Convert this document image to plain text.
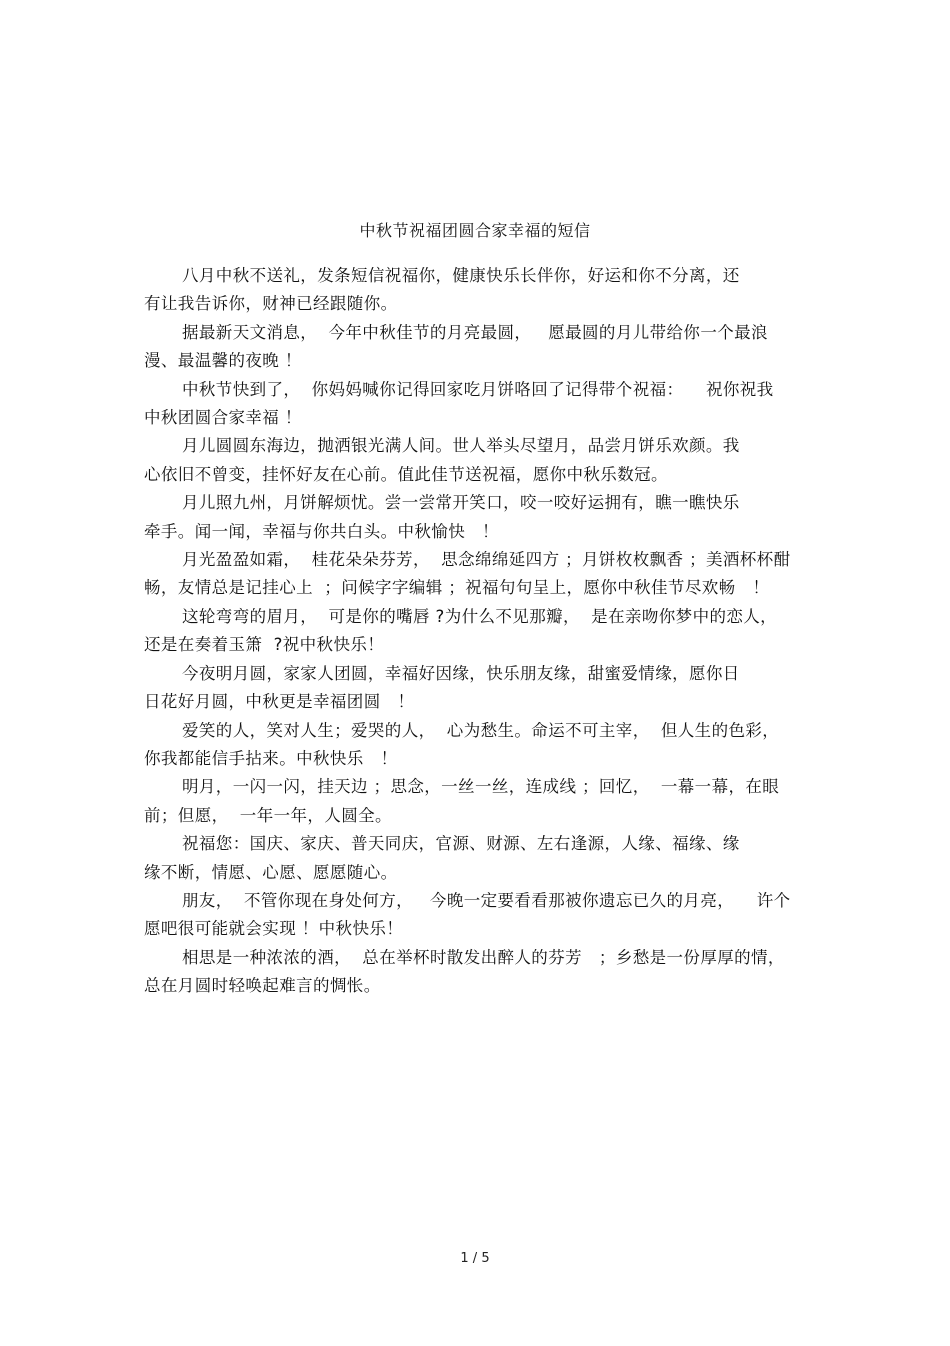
中秋节祝福团圆合家幸福的短信

八月中秋不送礼，发条短信祝福你，健康快乐长伴你，好运和你不分离，还
有让我告诉你，财神已经跟随你。

据最新天文消息，  今年中秋佳节的月亮最圆，   愿最圆的月儿带给你一个最浪
漫、最温馨的夜晚 ！

中秋节快到了，  你妈妈喊你记得回家吃月饼咯回了记得带个祝福：    祝你祝我
中秋团圆合家幸福 ！

月儿圆圆东海边，抛洒银光满人间。世人举头尽望月，品尝月饼乐欢颜。我
心依旧不曾变，挂怀好友在心前。值此佳节送祝福，愿你中秋乐数冠。

月儿照九州，月饼解烦忧。尝一尝常开笑口，咬一咬好运拥有，瞧一瞧快乐
牵手。闻一闻，幸福与你共白头。中秋愉快   ！

月光盈盈如霜，  桂花朵朵芬芳，  思念绵绵延四方 ；月饼枚枚飘香 ；美酒杯杯酣
畅，友情总是记挂心上  ；问候字字编辑 ；祝福句句呈上，愿你中秋佳节尽欢畅   ！

这轮弯弯的眉月，  可是你的嘴唇 ?为什么不见那瓣，  是在亲吻你梦中的恋人，
还是在奏着玉箫  ?祝中秋快乐！

今夜明月圆，家家人团圆，幸福好因缘，快乐朋友缘，甜蜜爱情缘，愿你日
日花好月圆，中秋更是幸福团圆   ！

爱笑的人，笑对人生；爱哭的人，  心为愁生。命运不可主宰，  但人生的色彩，
你我都能信手拈来。中秋快乐   ！

明月，一闪一闪，挂天边 ；思念，一丝一丝，连成线 ；回忆，  一幕一幕，在眼
前；但愿，  一年一年，人圆全。

祝福您：国庆、家庆、普天同庆，官源、财源、左右逢源，人缘、福缘、缘
缘不断，情愿、心愿、愿愿随心。

朋友，  不管你现在身处何方，   今晚一定要看看那被你遗忘已久的月亮，    许个
愿吧很可能就会实现 ！中秋快乐！

相思是一种浓浓的酒，  总在举杯时散发出醉人的芬芳   ；乡愁是一份厚厚的情，
总在月圆时轻唤起难言的惆怅。

1 / 5
